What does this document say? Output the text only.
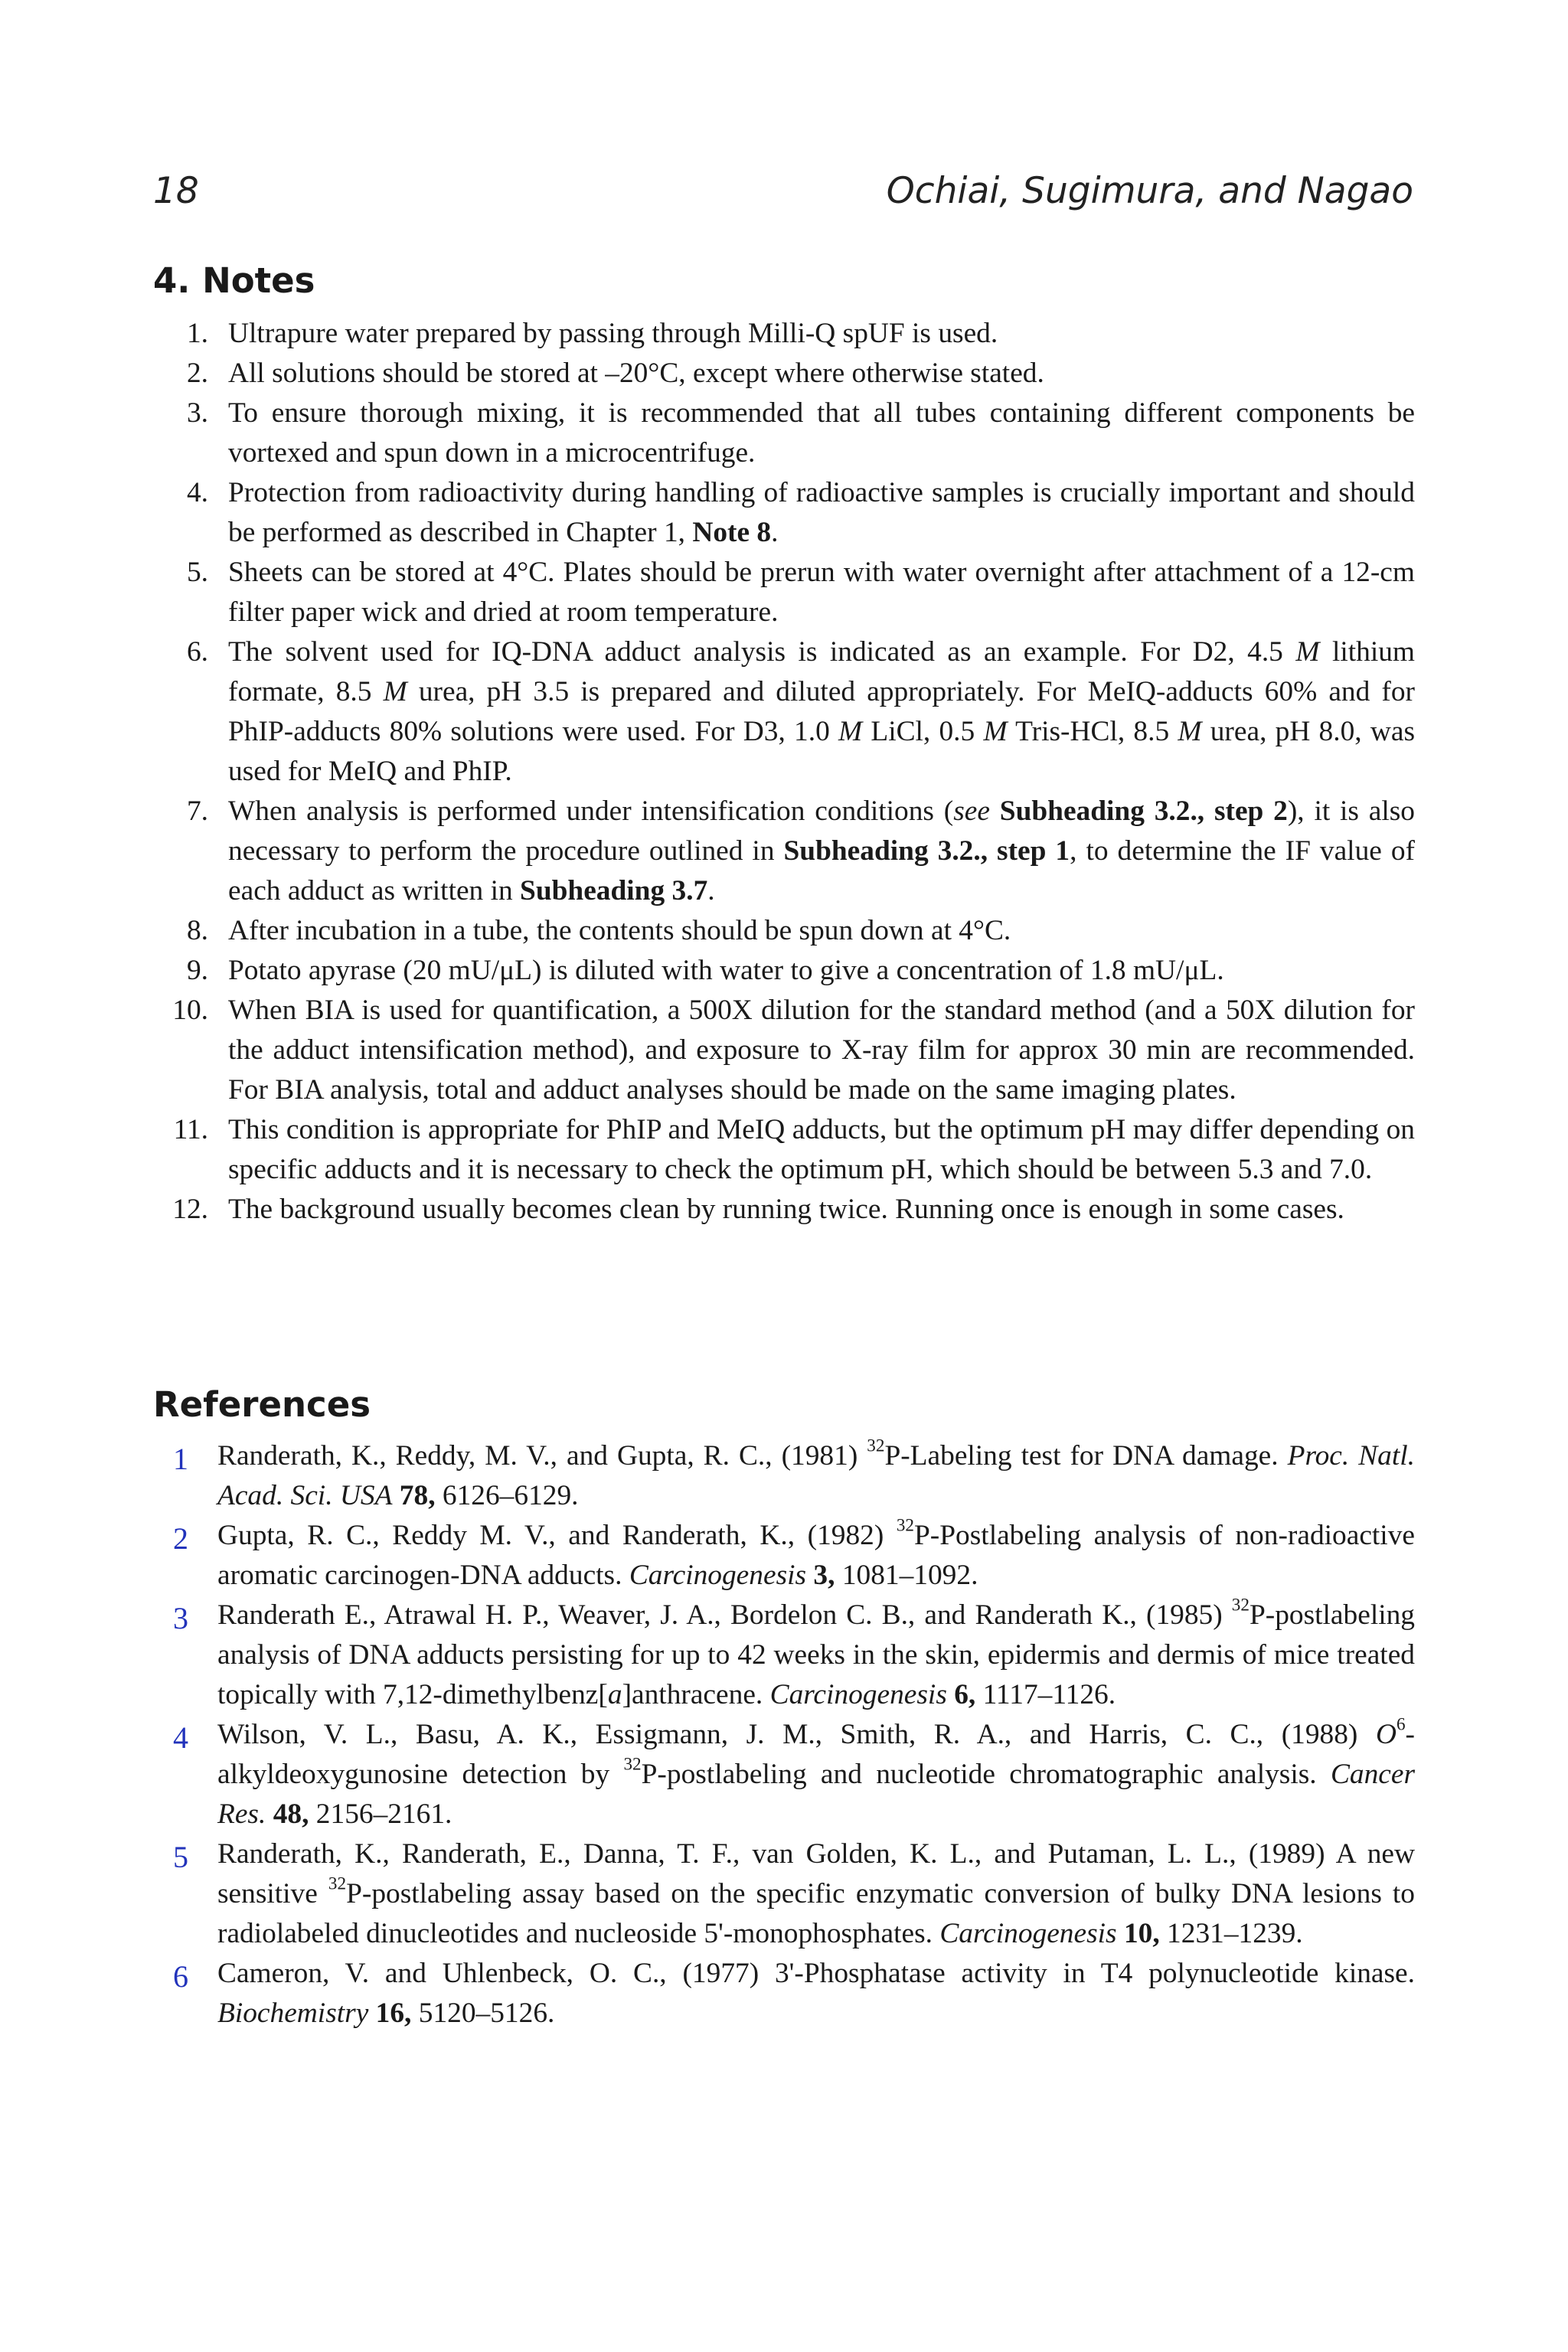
18	Ochiai, Sugimura, and Nagao
4. Notes
1. Ultrapure water prepared by passing through Milli-Q spUF is used.
2. All solutions should be stored at –20°C, except where otherwise stated.
3. To ensure thorough mixing, it is recommended that all tubes containing different components be vortexed and spun down in a microcentrifuge.
4. Protection from radioactivity during handling of radioactive samples is crucially important and should be performed as described in Chapter 1, Note 8.
5. Sheets can be stored at 4°C. Plates should be prerun with water overnight after attachment of a 12-cm filter paper wick and dried at room temperature.
6. The solvent used for IQ-DNA adduct analysis is indicated as an example. For D2, 4.5 M lithium formate, 8.5 M urea, pH 3.5 is prepared and diluted appropriately. For MeIQ-adducts 60% and for PhIP-adducts 80% solutions were used. For D3, 1.0 M LiCl, 0.5 M Tris-HCl, 8.5 M urea, pH 8.0, was used for MeIQ and PhIP.
7. When analysis is performed under intensification conditions (see Subheading 3.2., step 2), it is also necessary to perform the procedure outlined in Subheading 3.2., step 1, to determine the IF value of each adduct as written in Subheading 3.7.
8. After incubation in a tube, the contents should be spun down at 4°C.
9. Potato apyrase (20 mU/μL) is diluted with water to give a concentration of 1.8 mU/μL.
10. When BIA is used for quantification, a 500X dilution for the standard method (and a 50X dilution for the adduct intensification method), and exposure to X-ray film for approx 30 min are recommended. For BIA analysis, total and adduct analyses should be made on the same imaging plates.
11. This condition is appropriate for PhIP and MeIQ adducts, but the optimum pH may differ depending on specific adducts and it is necessary to check the optimum pH, which should be between 5.3 and 7.0.
12. The background usually becomes clean by running twice. Running once is enough in some cases.
References
1 Randerath, K., Reddy, M. V., and Gupta, R. C., (1981) $^{32}$P-Labeling test for DNA damage. Proc. Natl. Acad. Sci. USA 78, 6126–6129.
2 Gupta, R. C., Reddy M. V., and Randerath, K., (1982) $^{32}$P-Postlabeling analysis of non-radioactive aromatic carcinogen-DNA adducts. Carcinogenesis 3, 1081–1092.
3 Randerath E., Atrawal H. P., Weaver, J. A., Bordelon C. B., and Randerath K., (1985) $^{32}$P-postlabeling analysis of DNA adducts persisting for up to 42 weeks in the skin, epidermis and dermis of mice treated topically with 7,12-dimethylbenz[a]anthracene. Carcinogenesis 6, 1117–1126.
4 Wilson, V. L., Basu, A. K., Essigmann, J. M., Smith, R. A., and Harris, C. C., (1988) $O^6$-alkyldeoxygunosine detection by $^{32}$P-postlabeling and nucleotide chromatographic analysis. Cancer Res. 48, 2156–2161.
5 Randerath, K., Randerath, E., Danna, T. F., van Golden, K. L., and Putaman, L. L., (1989) A new sensitive $^{32}$P-postlabeling assay based on the specific enzymatic conversion of bulky DNA lesions to radiolabeled dinucleotides and nucleoside 5'-monophosphates. Carcinogenesis 10, 1231–1239.
6 Cameron, V. and Uhlenbeck, O. C., (1977) 3'-Phosphatase activity in T4 polynucleotide kinase. Biochemistry 16, 5120–5126.
